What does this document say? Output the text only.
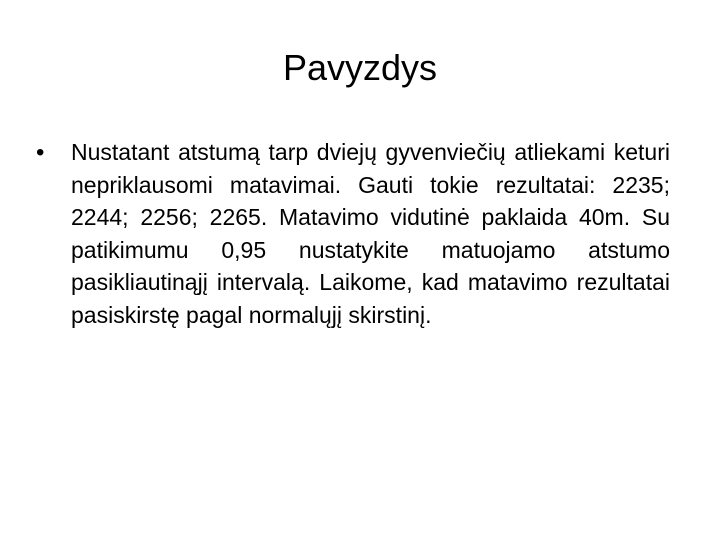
Pavyzdys
• Nustatant atstumą tarp dviejų gyvenviečių atliekami keturi nepriklausomi matavimai. Gauti tokie rezultatai: 2235; 2244; 2256; 2265. Matavimo vidutinė paklaida 40m. Su patikimumu 0,95 nustatykite matuojamo atstumo pasikliautinąjį intervalą. Laikome, kad matavimo rezultatai pasiskirstę pagal normalųjį skirstinį.
